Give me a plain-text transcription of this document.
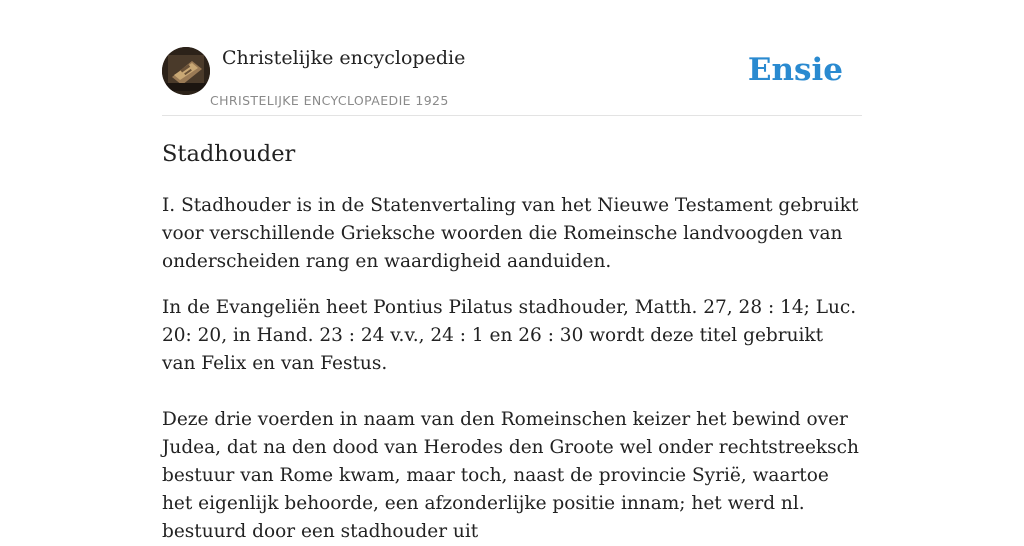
Christelijke encyclopedie
CHRISTELIJKE ENCYCLOPAEDIE 1925
Ensie
Stadhouder

I. Stadhouder is in de Statenvertaling van het Nieuwe Testament gebruikt voor verschillende Grieksche woorden die Romeinsche landvoogden van onderscheiden rang en waardigheid aanduiden.

In de Evangeliën heet Pontius Pilatus stadhouder, Matth. 27, 28 : 14; Luc. 20: 20, in Hand. 23 : 24 v.v., 24 : 1 en 26 : 30 wordt deze titel gebruikt van Felix en van Festus.

Deze drie voerden in naam van den Romeinschen keizer het bewind over Judea, dat na den dood van Herodes den Groote wel onder rechtstreeksch bestuur van Rome kwam, maar toch, naast de provincie Syrië, waartoe het eigenlijk behoorde, een afzonderlijke positie innam; het werd nl. bestuurd door een stadhouder uit
